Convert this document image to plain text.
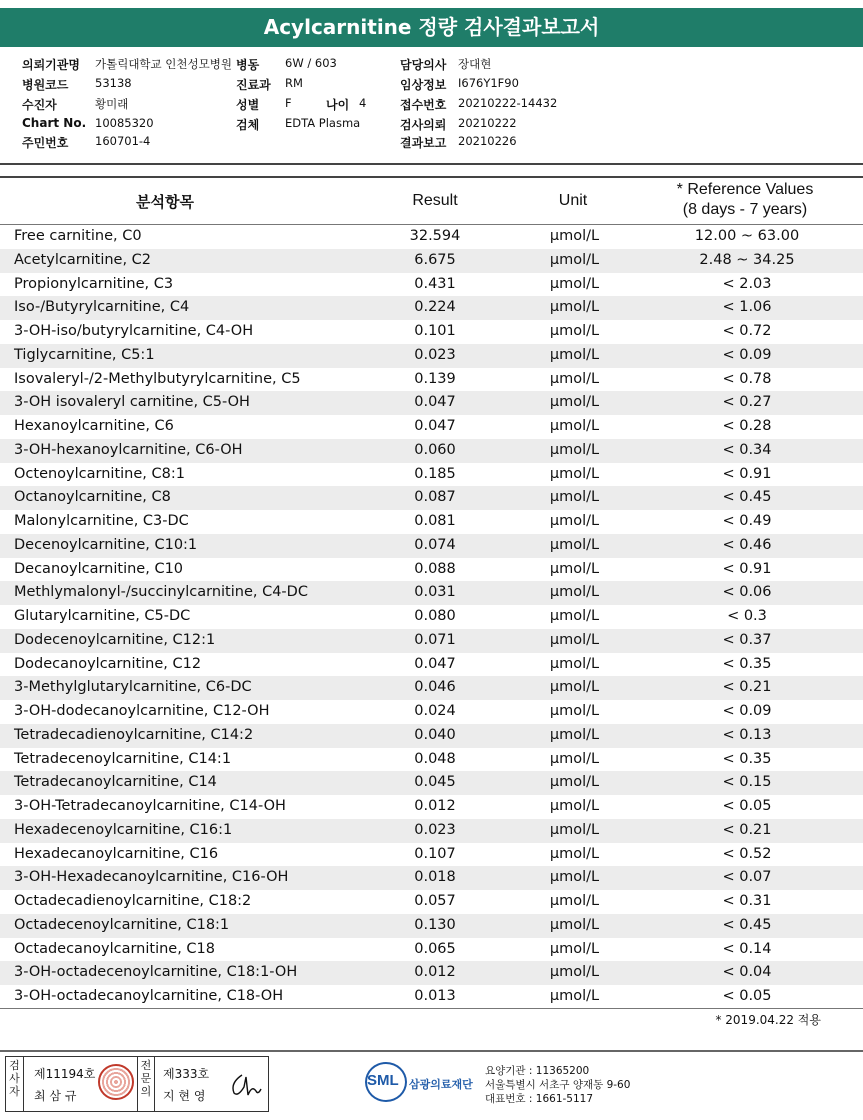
Acylcarnitine 정량 검사결과보고서
의뢰기관명 가톨릭대학교 인천성모병원
병원코드 53138
수진자	황미래
Chart No. 10085320
주민번호 160701-4
병동 6W / 603
진료과 RM
성별 F
검체 EDTA Plasma
담당의사 장대현
임상정보 I676Y1F90
접수번호 20210222-14432
검사의뢰 20210222
결과보고 20210226
나이 4
분석항목	Result	Unit
* Reference Values
(8 days - 7 years)
Free carnitine, C0	32.594	μmol/L	12.00 ~ 63.00
Acetylcarnitine, C2	6.675	μmol/L	2.48 ~ 34.25
Propionylcarnitine, C3	0.431	μmol/L	< 2.03
Iso-/Butyrylcarnitine, C4	0.224	μmol/L	< 1.06
3-OH-iso/butyrylcarnitine, C4-OH	0.101	μmol/L	< 0.72
Tiglycarnitine, C5:1	0.023	μmol/L	< 0.09
Isovaleryl-/2-Methylbutyrylcarnitine, C5	0.139	μmol/L	< 0.78
3-OH isovaleryl carnitine, C5-OH	0.047	μmol/L	< 0.27
Hexanoylcarnitine, C6	0.047	μmol/L	< 0.28
3-OH-hexanoylcarnitine, C6-OH	0.060	μmol/L	< 0.34
Octenoylcarnitine, C8:1	0.185	μmol/L	< 0.91
Octanoylcarnitine, C8	0.087	μmol/L	< 0.45
Malonylcarnitine, C3-DC	0.081	μmol/L	< 0.49
Decenoylcarnitine, C10:1	0.074	μmol/L	< 0.46
Decanoylcarnitine, C10	0.088	μmol/L	< 0.91
Methlymalonyl-/succinylcarnitine, C4-DC	0.031	μmol/L	< 0.06
Glutarylcarnitine, C5-DC	0.080	μmol/L	< 0.3
Dodecenoylcarnitine, C12:1	0.071	μmol/L	< 0.37
Dodecanoylcarnitine, C12	0.047	μmol/L	< 0.35
3-Methylglutarylcarnitine, C6-DC	0.046	μmol/L	< 0.21
3-OH-dodecanoylcarnitine, C12-OH	0.024	μmol/L	< 0.09
Tetradecadienoylcarnitine, C14:2	0.040	μmol/L	< 0.13
Tetradecenoylcarnitine, C14:1	0.048	μmol/L	< 0.35
Tetradecanoylcarnitine, C14	0.045	μmol/L	< 0.15
3-OH-Tetradecanoylcarnitine, C14-OH	0.012	μmol/L	< 0.05
Hexadecenoylcarnitine, C16:1	0.023	μmol/L	< 0.21
Hexadecanoylcarnitine, C16	0.107	μmol/L	< 0.52
3-OH-Hexadecanoylcarnitine, C16-OH	0.018	μmol/L	< 0.07
Octadecadienoylcarnitine, C18:2	0.057	μmol/L	< 0.31
Octadecenoylcarnitine, C18:1	0.130	μmol/L	< 0.45
Octadecanoylcarnitine, C18	0.065	μmol/L	< 0.14
3-OH-octadecenoylcarnitine, C18:1-OH	0.012	μmol/L	< 0.04
3-OH-octadecanoylcarnitine, C18-OH	0.013	μmol/L	< 0.05
* 2019.04.22 적용
검
사
자
제11194호
최 삼 규
전
문
의
제333호
지 현 영
SML 삼광의료재단
요양기관 : 11365200
서울특별시 서초구 양재동 9-60
대표번호 : 1661-5117
